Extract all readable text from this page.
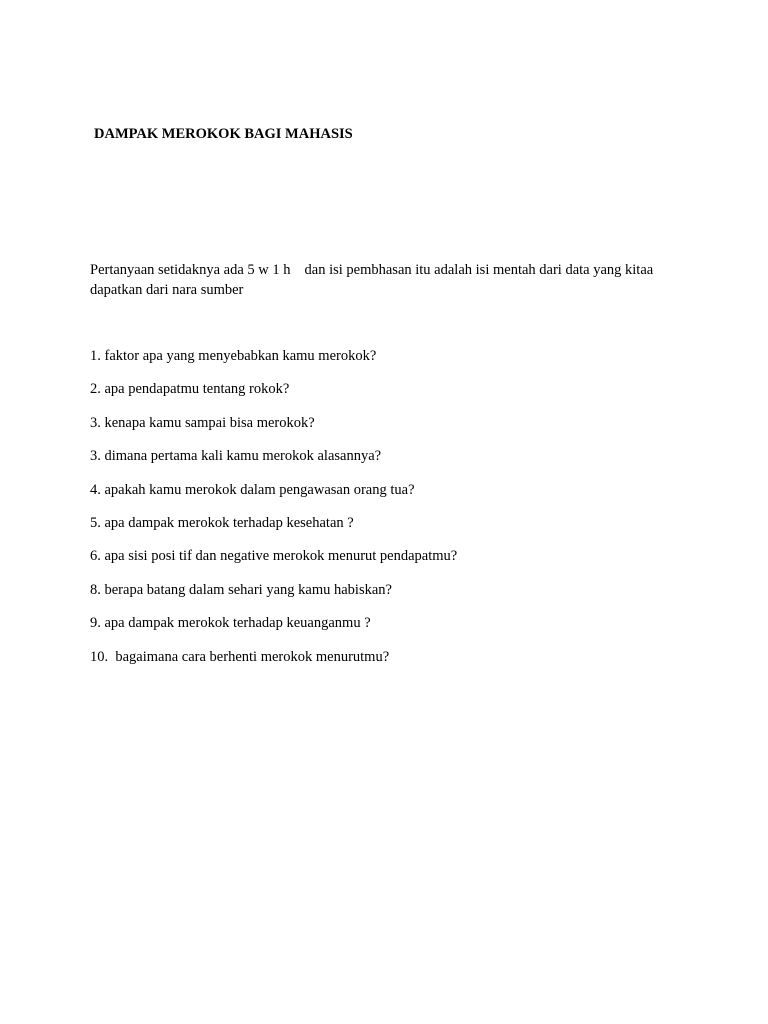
DAMPAK MEROKOK BAGI MAHASIS

Pertanyaan setidaknya ada 5 w 1 h dan isi pembhasan itu adalah isi mentah dari data yang kitaa dapatkan dari nara sumber

1. faktor apa yang menyebabkan kamu merokok?
2. apa pendapatmu tentang rokok?
3. kenapa kamu sampai bisa merokok?
3. dimana pertama kali kamu merokok alasannya?
4. apakah kamu merokok dalam pengawasan orang tua?
5. apa dampak merokok terhadap kesehatan ?
6. apa sisi posi tif dan negative merokok menurut pendapatmu?
8. berapa batang dalam sehari yang kamu habiskan?
9. apa dampak merokok terhadap keuanganmu ?
10.  bagaimana cara berhenti merokok menurutmu?
